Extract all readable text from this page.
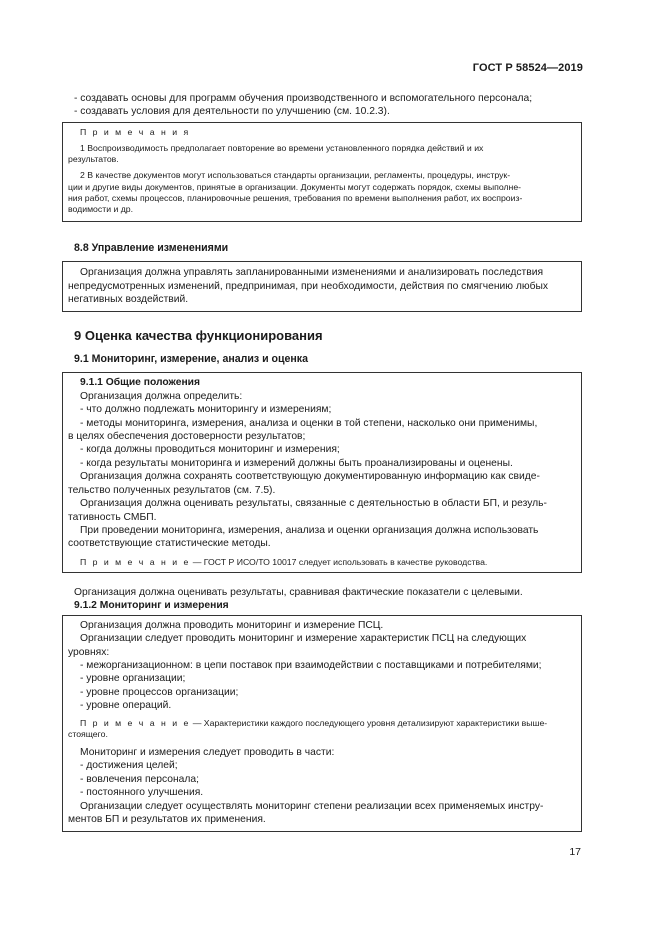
ГОСТ Р 58524—2019

- создавать основы для программ обучения производственного и вспомогательного персонала;

- создавать условия для деятельности по улучшению (см. 10.2.3).

П р и м е ч а н и я

1 Воспроизводимость предполагает повторение во времени установленного порядка действий и их

результатов.

2 В качестве документов могут использоваться стандарты организации, регламенты, процедуры, инструк-

ции и другие виды документов, принятые в организации. Документы могут содержать порядок, схемы выполне-

ния работ, схемы процессов, планировочные решения, требования по времени выполнения работ, их воспроиз-

водимости и др.

8.8 Управление изменениями

Организация должна управлять запланированными изменениями и анализировать последствия

непредусмотренных изменений, предпринимая, при необходимости, действия по смягчению любых

негативных воздействий.

9 Оценка качества функционирования

9.1 Мониторинг, измерение, анализ и оценка

9.1.1 Общие положения

Организация должна определить:

- что должно подлежать мониторингу и измерениям;

- методы мониторинга, измерения, анализа и оценки в той степени, насколько они применимы,

в целях обеспечения достоверности результатов;

- когда должны проводиться мониторинг и измерения;

- когда результаты мониторинга и измерений должны быть проанализированы и оценены.

Организация должна сохранять соответствующую документированную информацию как свиде-

тельство полученных результатов (см. 7.5).

Организация должна оценивать результаты, связанные с деятельностью в области БП, и резуль-

тативность СМБП.

При проведении мониторинга, измерения, анализа и оценки организация должна использовать

соответствующие статистические методы.

П р и м е ч а н и е — ГОСТ Р ИСО/ТО 10017 следует использовать в качестве руководства.

Организация должна оценивать результаты, сравнивая фактические показатели с целевыми.

9.1.2 Мониторинг и измерения

Организация должна проводить мониторинг и измерение ПСЦ.

Организации следует проводить мониторинг и измерение характеристик ПСЦ на следующих

уровнях:

- межорганизационном: в цепи поставок при взаимодействии с поставщиками и потребителями;

- уровне организации;

- уровне процессов организации;

- уровне операций.

П р и м е ч а н и е — Характеристики каждого последующего уровня детализируют характеристики выше-

стоящего.

Мониторинг и измерения следует проводить в части:

- достижения целей;

- вовлечения персонала;

- постоянного улучшения.

Организации следует осуществлять мониторинг степени реализации всех применяемых инстру-

ментов БП и результатов их применения.

17
